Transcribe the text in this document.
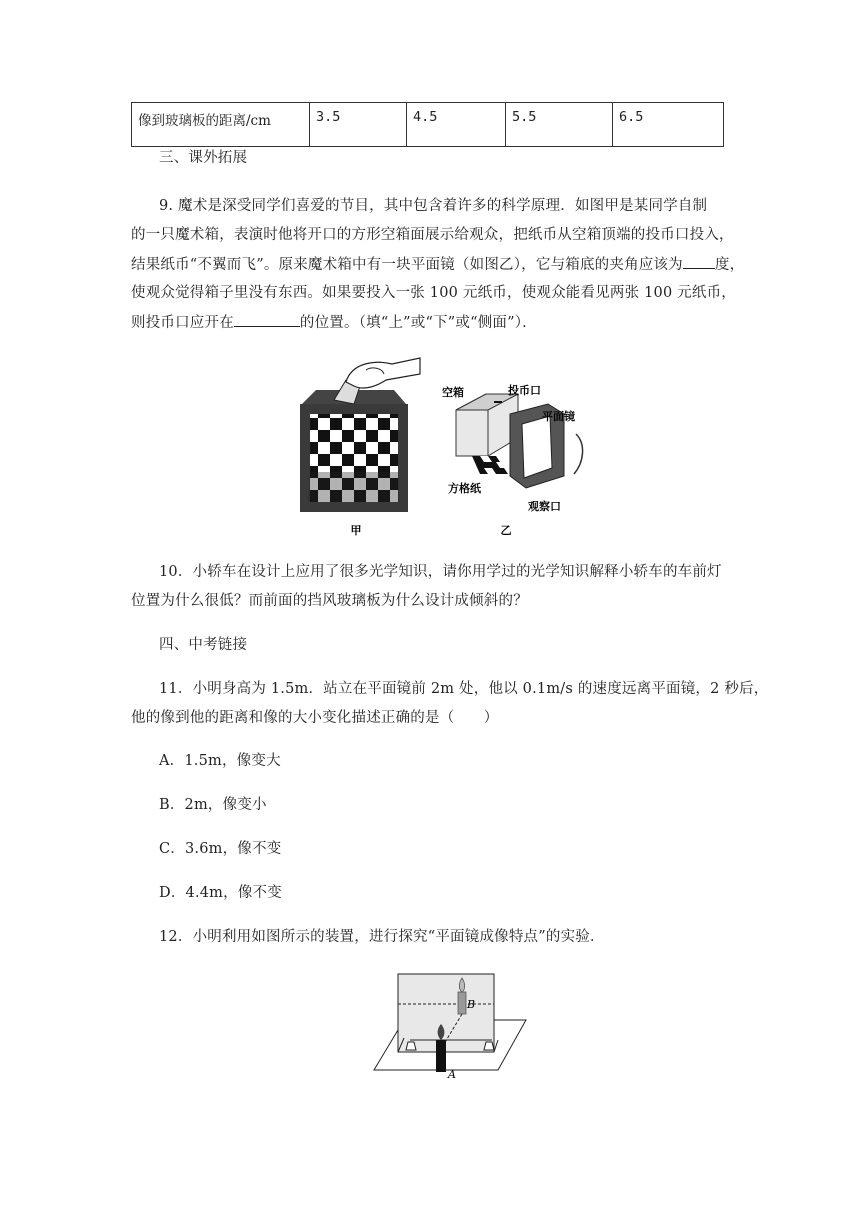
像到玻璃板的距离/cm	3.5	4.5	5.5	6.5
三、课外拓展
9. 魔术是深受同学们喜爱的节目，其中包含着许多的科学原理．如图甲是某同学自制
的一只魔术箱，表演时他将开口的方形空箱面展示给观众，把纸币从空箱顶端的投币口投入，
结果纸币“不翼而飞”。原来魔术箱中有一块平面镜（如图乙），它与箱底的夹角应该为 度，
使观众觉得箱子里没有东西。如果要投入一张 100 元纸币，使观众能看见两张 100 元纸币，
则投币口应开在	的位置。（填“上”或“下”或“侧面”）．
甲	乙
空箱	投币口
平面镜
方格纸
观察口
10．小轿车在设计上应用了很多光学知识，请你用学过的光学知识解释小轿车的车前灯
位置为什么很低？而前面的挡风玻璃板为什么设计成倾斜的？
四、中考链接
11．小明身高为 1.5m．站立在平面镜前 2m 处，他以 0.1m/s 的速度远离平面镜，2 秒后，
他的像到他的距离和像的大小变化描述正确的是（　　）
A．1.5m，像变大
B．2m，像变小
C．3.6m，像不变
D．4.4m，像不变
12．小明利用如图所示的装置，进行探究“平面镜成像特点”的实验．
B
A
